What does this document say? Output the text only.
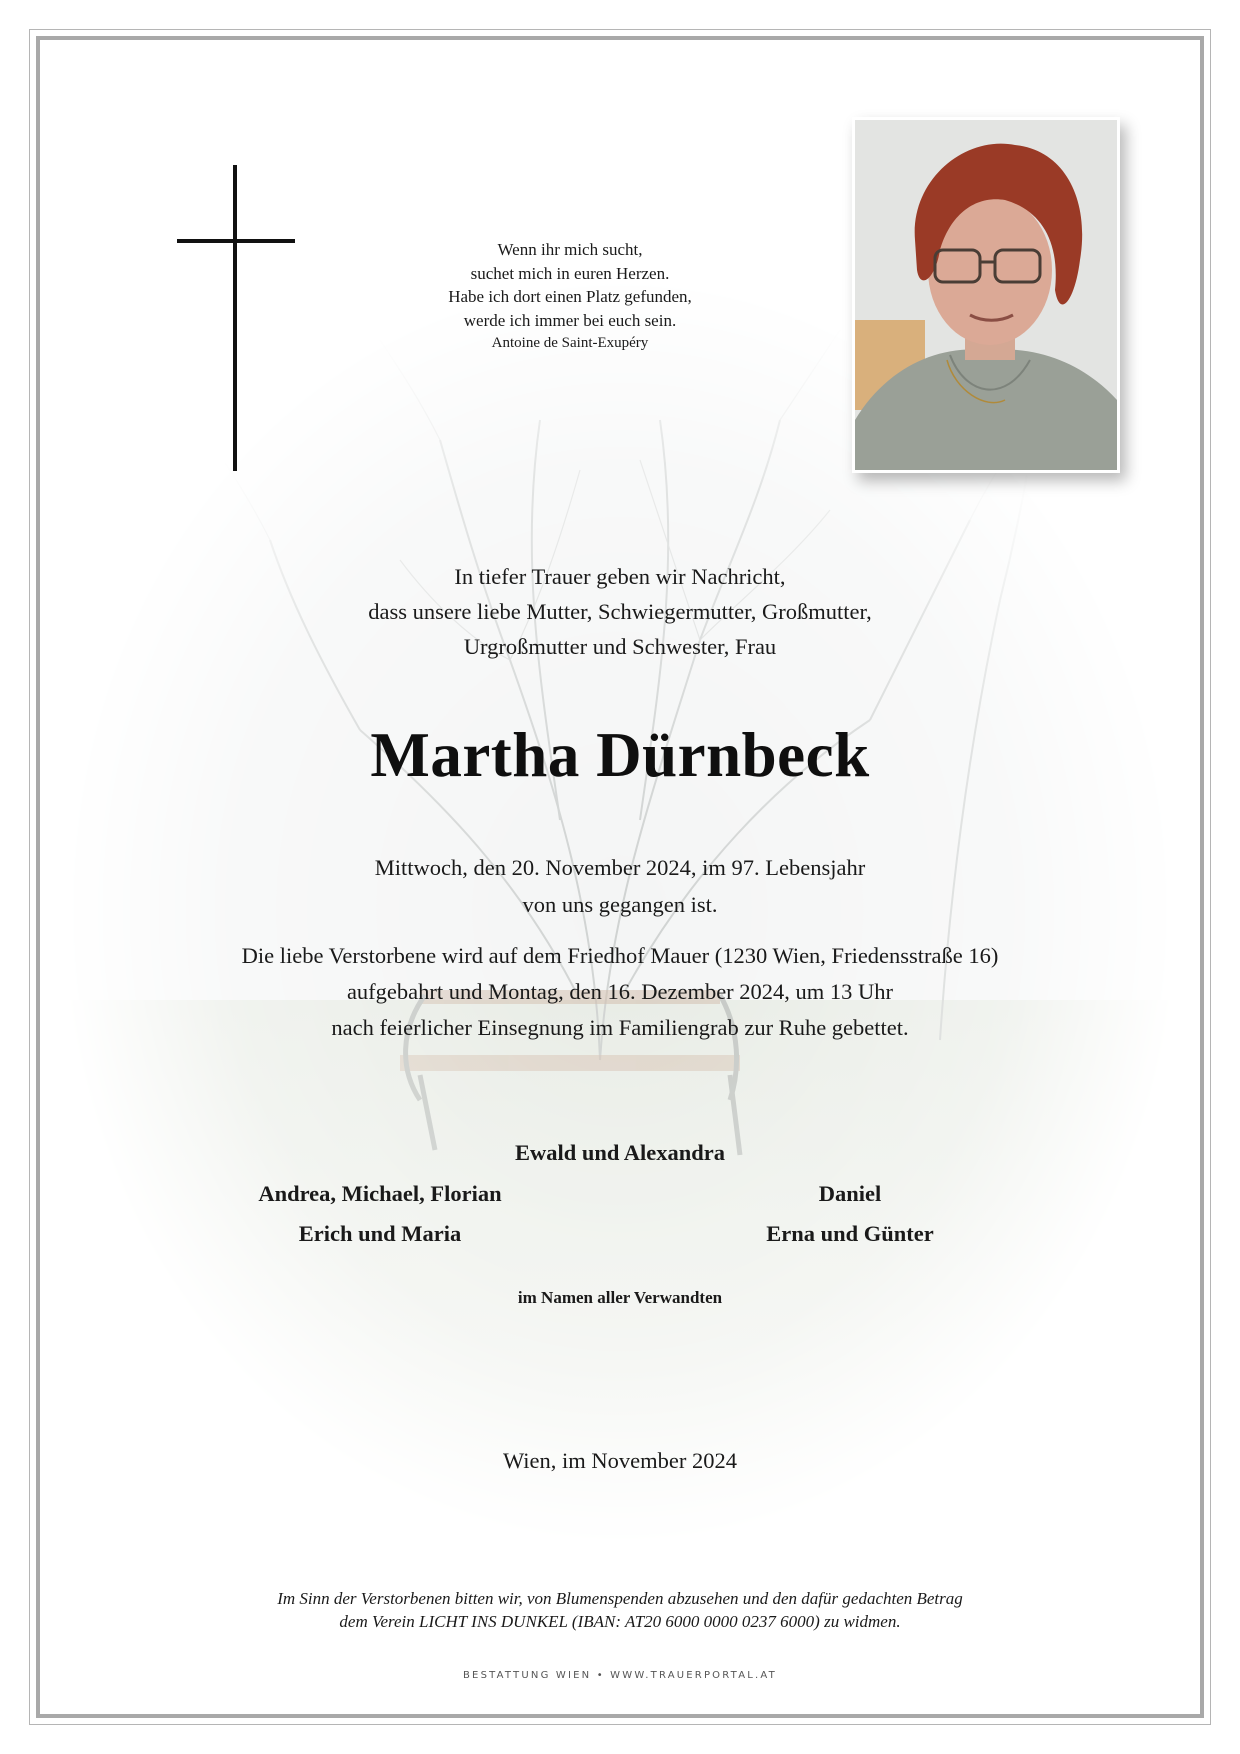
Wenn ihr mich sucht,
suchet mich in euren Herzen.
Habe ich dort einen Platz gefunden,
werde ich immer bei euch sein.
Antoine de Saint-Exupéry
In tiefer Trauer geben wir Nachricht,
dass unsere liebe Mutter, Schwiegermutter, Großmutter,
Urgroßmutter und Schwester, Frau
Martha Dürnbeck
Mittwoch, den 20. November 2024, im 97. Lebensjahr
von uns gegangen ist.
Die liebe Verstorbene wird auf dem Friedhof Mauer (1230 Wien, Friedensstraße 16)
aufgebahrt und Montag, den 16. Dezember 2024, um 13 Uhr
nach feierlicher Einsegnung im Familiengrab zur Ruhe gebettet.
Ewald und Alexandra
Andrea, Michael, Florian
Erich und Maria
Daniel
Erna und Günter
im Namen aller Verwandten
Wien, im November 2024
Im Sinn der Verstorbenen bitten wir, von Blumenspenden abzusehen und den dafür gedachten Betrag
dem Verein LICHT INS DUNKEL (IBAN: AT20 6000 0000 0237 6000) zu widmen.
BESTATTUNG WIEN • WWW.TRAUERPORTAL.AT
